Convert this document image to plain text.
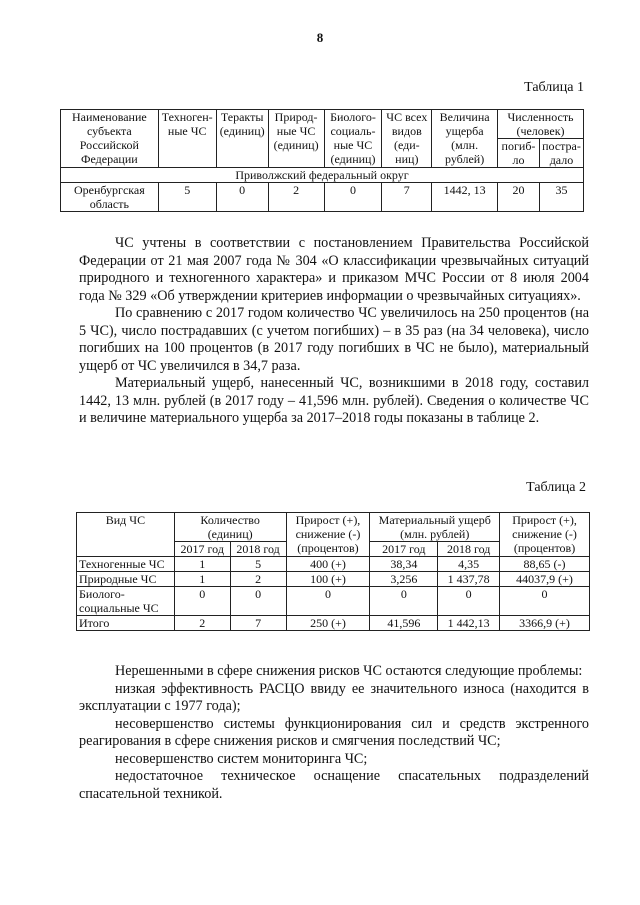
8
Таблица 1
Наименование субъекта Российской Федерации	Техноген-ные ЧС	Теракты (единиц)	Природ-ные ЧС (единиц)	Биолого-социаль-ные ЧС (единиц)	ЧС всех видов (еди-ниц)	Величина ущерба (млн. рублей)	Численность (человек)	
							погиб-ло	постра-дало
Приволжский федеральный округ								
Оренбургская область	5	0	2	0	7	1442, 13	20	35

ЧС учтены в соответствии с постановлением Правительства Российской Федерации от 21 мая 2007 года № 304 «О классификации чрезвычайных ситуаций природного и техногенного характера» и приказом МЧС России от 8 июля 2004 года № 329 «Об утверждении критериев информации о чрезвычайных ситуациях».

По сравнению с 2017 годом количество ЧС увеличилось на 250 процентов (на 5 ЧС), число пострадавших (с учетом погибших) – в 35 раз (на 34 человека), число погибших на 100 процентов (в 2017 году погибших в ЧС не было), материальный ущерб от ЧС увеличился в 34,7 раза.

Материальный ущерб, нанесенный ЧС, возникшими в 2018 году, составил 1442, 13 млн. рублей (в 2017 году – 41,596 млн. рублей). Сведения о количестве ЧС и величине материального ущерба за 2017–2018 годы показаны в таблице 2.

Таблица 2
Вид ЧС	Количество (единиц)		Прирост (+), снижение (-) (процентов)	Материальный ущерб (млн. рублей)		Прирост (+), снижение (-) (процентов)
	2017 год	2018 год		2017 год	2018 год	
Техногенные ЧС	1	5	400 (+)	38,34	4,35	88,65 (-)
Природные ЧС	1	2	100 (+)	3,256	1 437,78	44037,9 (+)
Биолого-социальные ЧС	0	0	0	0	0	0
Итого	2	7	250 (+)	41,596	1 442,13	3366,9 (+)

Нерешенными в сфере снижения рисков ЧС остаются следующие проблемы:

низкая эффективность РАСЦО ввиду ее значительного износа (находится в эксплуатации с 1977 года);

несовершенство системы функционирования сил и средств экстренного реагирования в сфере снижения рисков и смягчения последствий ЧС;

несовершенство систем мониторинга ЧС;

недостаточное техническое оснащение спасательных подразделений спасательной техникой.
